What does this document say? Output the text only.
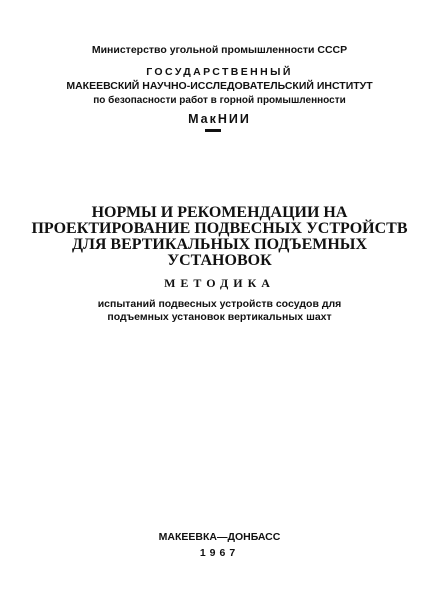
Министерство угольной промышленности СССР
ГОСУДАРСТВЕННЫЙ
МАКЕЕВСКИЙ НАУЧНО-ИССЛЕДОВАТЕЛЬСКИЙ ИНСТИТУТ
по безопасности работ в горной промышленности
МакНИИ
НОРМЫ И РЕКОМЕНДАЦИИ НА
ПРОЕКТИРОВАНИЕ ПОДВЕСНЫХ УСТРОЙСТВ
ДЛЯ ВЕРТИКАЛЬНЫХ ПОДЪЕМНЫХ
УСТАНОВОК
МЕТОДИКА
испытаний подвесных устройств сосудов для
подъемных установок вертикальных шахт
МАКЕЕВКА—ДОНБАСС
1967
